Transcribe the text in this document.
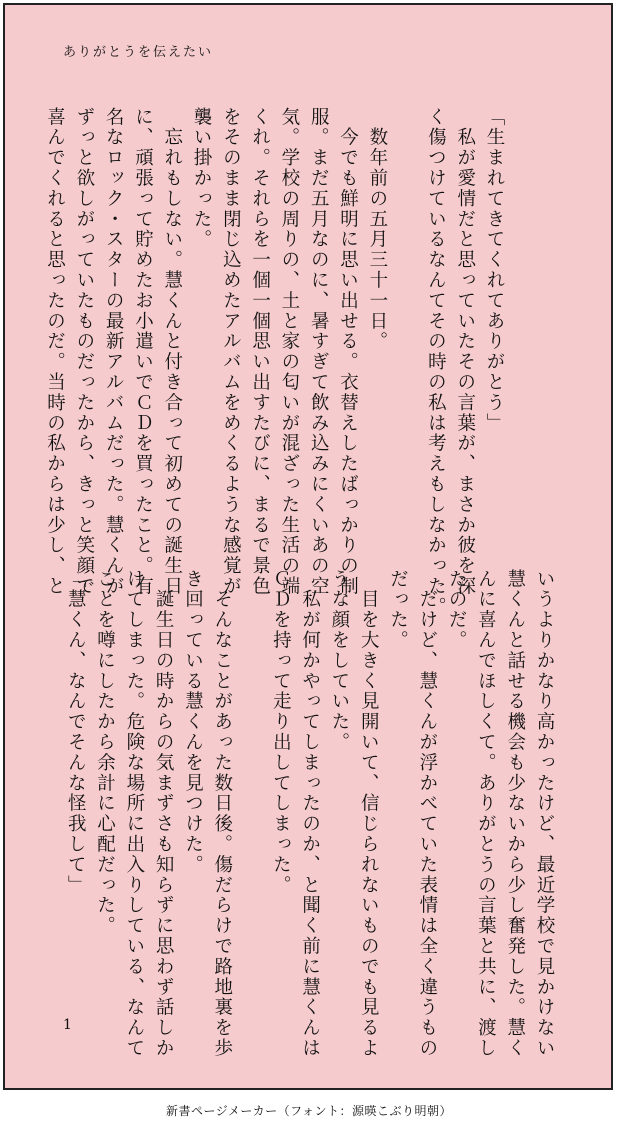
ありがとうを伝えたい

「生まれてきてくれてありがとう」

　私が愛情だと思っていたその言葉が、まさか彼を深

く傷つけているなんてその時の私は考えもしなかった。

　数年前の五月三十一日。

　今でも鮮明に思い出せる。衣替えしたばっかりの制

服。まだ五月なのに、暑すぎて飲み込みにくいあの空

気。学校の周りの、土と家の匂いが混ざった生活の端

くれ。それらを一個一個思い出すたびに、まるで景色

をそのまま閉じ込めたアルバムをめくるような感覚が

襲い掛かった。

　忘れもしない。慧くんと付き合って初めての誕生日

に、頑張って貯めたお小遣いでＣＤを買ったこと。有

名なロック・スターの最新アルバムだった。慧くんが

ずっと欲しがっていたものだったから、きっと笑顔で

喜んでくれると思ったのだ。当時の私からは少し、と

いうよりかなり高かったけど、最近学校で見かけない

慧くんと話せる機会も少ないから少し奮発した。慧く

んに喜んでほしくて。ありがとうの言葉と共に、渡し

たのだ。

　だけど、慧くんが浮かべていた表情は全く違うもの

だった。

　目を大きく見開いて、信じられないものでも見るよ

うな顔をしていた。

　私が何かやってしまったのか、と聞く前に慧くんは

ＣＤを持って走り出してしまった。

　そんなことがあった数日後。傷だらけで路地裏を歩

き回っている慧くんを見つけた。

　誕生日の時からの気まずさも知らずに思わず話しか

けてしまった。危険な場所に出入りしている、なんて

ことを噂にしたから余計に心配だった。

「慧くん、なんでそんな怪我して」

1
新書ページメーカー（フォント：源暎こぶり明朝）
